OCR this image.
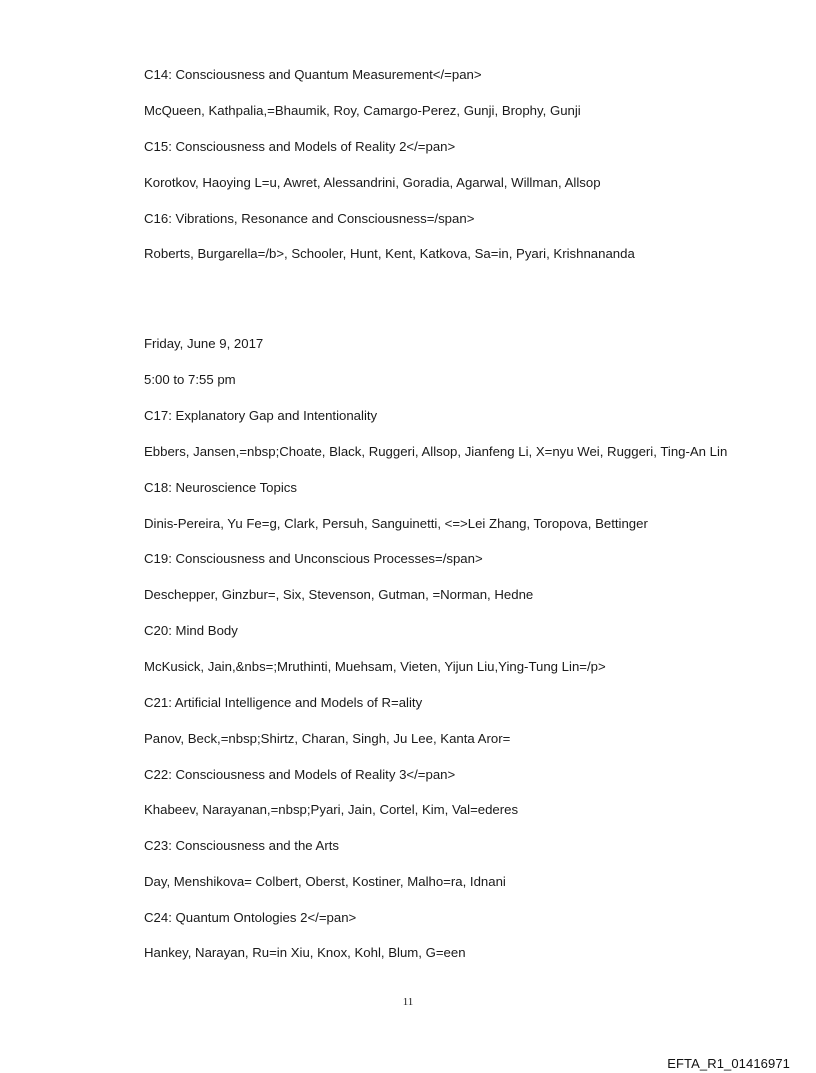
C14: Consciousness and Quantum Measurement</=pan>
McQueen, Kathpalia,=Bhaumik, Roy, Camargo-Perez, Gunji, Brophy, Gunji
C15: Consciousness and Models of Reality 2</=pan>
Korotkov, Haoying L=u, Awret, Alessandrini, Goradia, Agarwal, Willman, Allsop
C16: Vibrations, Resonance and Consciousness=/span>
Roberts, Burgarella=/b>, Schooler, Hunt, Kent, Katkova, Sa=in, Pyari, Krishnananda
Friday, June 9, 2017
5:00 to 7:55 pm
C17: Explanatory Gap and Intentionality
Ebbers, Jansen,=nbsp;Choate, Black, Ruggeri, Allsop, Jianfeng Li, X=nyu Wei, Ruggeri, Ting-An Lin
C18: Neuroscience Topics
Dinis-Pereira, Yu Fe=g, Clark, Persuh, Sanguinetti, <=>Lei Zhang, Toropova, Bettinger
C19: Consciousness and Unconscious Processes=/span>
Deschepper, Ginzbur=, Six, Stevenson, Gutman, =Norman, Hedne
C20: Mind Body
McKusick, Jain,&nbs=;Mruthinti, Muehsam, Vieten, Yijun Liu,Ying-Tung Lin=/p>
C21: Artificial Intelligence and Models of R=ality
Panov, Beck,=nbsp;Shirtz, Charan, Singh, Ju Lee, Kanta Aror=
C22: Consciousness and Models of Reality 3</=pan>
Khabeev, Narayanan,=nbsp;Pyari, Jain, Cortel, Kim, Val=ederes
C23: Consciousness and the Arts
Day, Menshikova= Colbert, Oberst, Kostiner, Malho=ra, Idnani
C24: Quantum Ontologies 2</=pan>
Hankey, Narayan, Ru=in Xiu, Knox, Kohl, Blum, G=een
11
EFTA_R1_01416971
